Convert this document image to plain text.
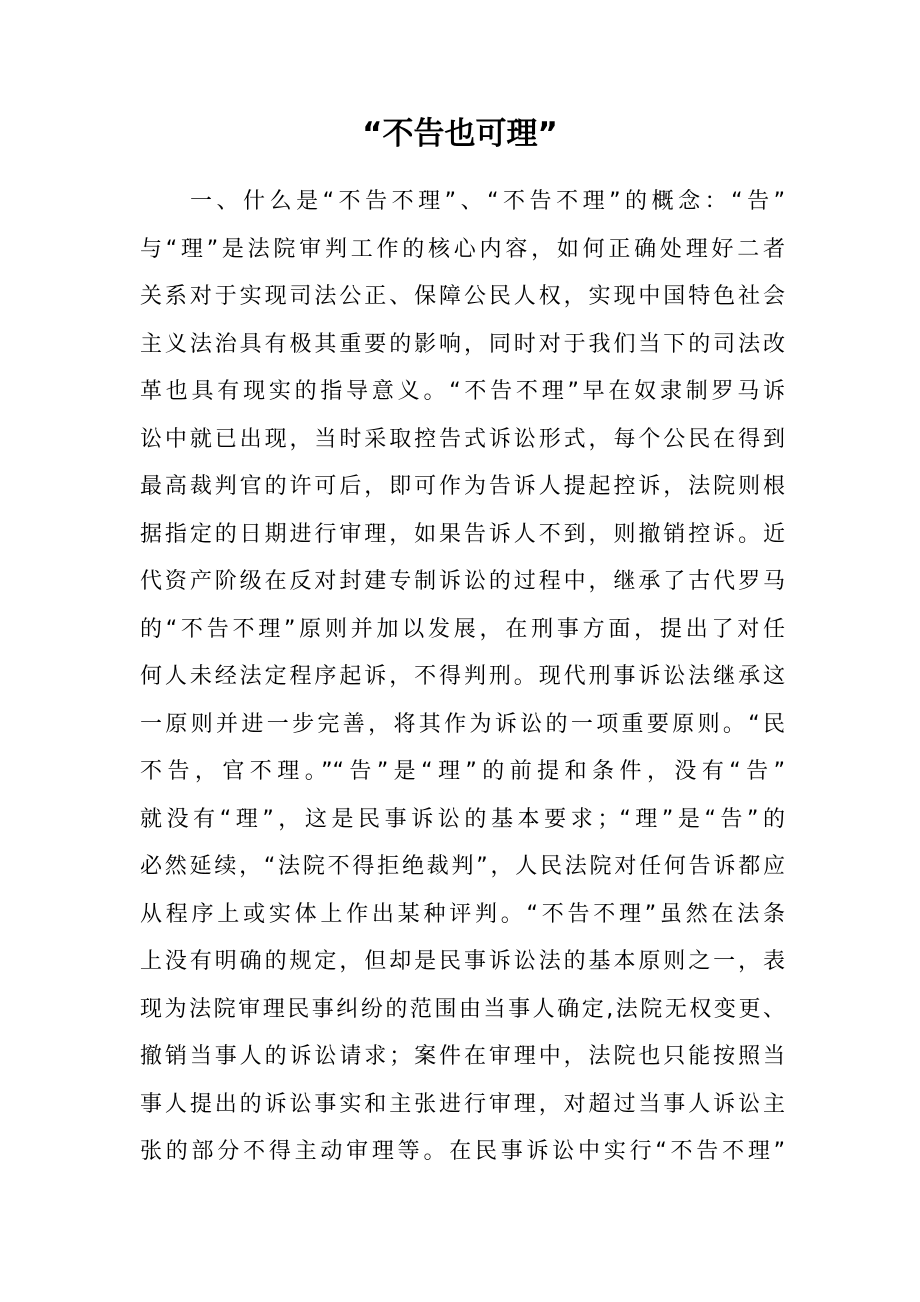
“不告也可理”
一、什么是“不告不理”、“不告不理”的概念：“告”
与“理”是法院审判工作的核心内容，如何正确处理好二者
关系对于实现司法公正、保障公民人权，实现中国特色社会
主义法治具有极其重要的影响，同时对于我们当下的司法改
革也具有现实的指导意义。“不告不理”早在奴隶制罗马诉
讼中就已出现，当时采取控告式诉讼形式，每个公民在得到
最高裁判官的许可后，即可作为告诉人提起控诉，法院则根
据指定的日期进行审理，如果告诉人不到，则撤销控诉。近
代资产阶级在反对封建专制诉讼的过程中，继承了古代罗马
的“不告不理”原则并加以发展，在刑事方面，提出了对任
何人未经法定程序起诉，不得判刑。现代刑事诉讼法继承这
一原则并进一步完善，将其作为诉讼的一项重要原则。“民
不告，官不理。”“告”是“理”的前提和条件，没有“告”
就没有“理”，这是民事诉讼的基本要求；“理”是“告”的
必然延续，“法院不得拒绝裁判”，人民法院对任何告诉都应
从程序上或实体上作出某种评判。“不告不理”虽然在法条
上没有明确的规定，但却是民事诉讼法的基本原则之一，表
现为法院审理民事纠纷的范围由当事人确定,法院无权变更、
撤销当事人的诉讼请求；案件在审理中，法院也只能按照当
事人提出的诉讼事实和主张进行审理，对超过当事人诉讼主
张的部分不得主动审理等。在民事诉讼中实行“不告不理”
